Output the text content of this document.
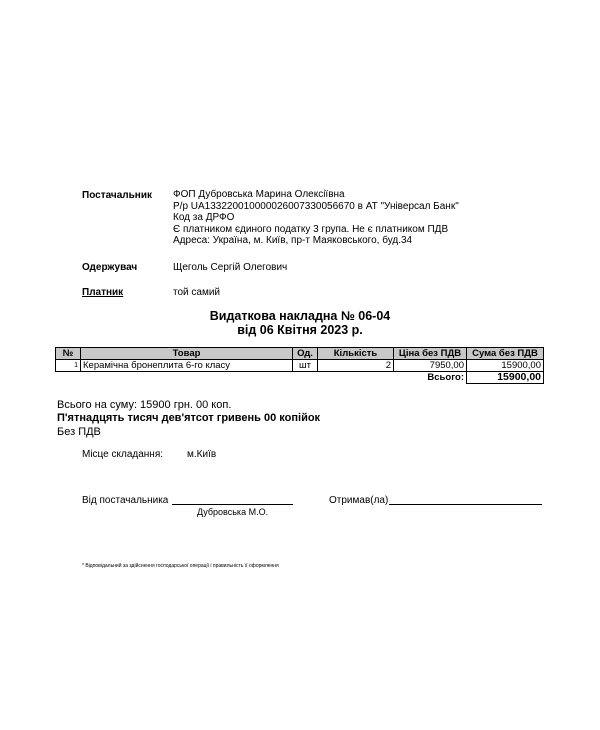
Постачальник ФОП Дубровська Марина Олексіївна
Р/р UA133220010000026007330056670 в АТ "Універсал Банк"
Код за ДРФО
Є платником єдиного податку 3 група. Не є платником ПДВ
Адреса: Україна, м. Київ, пр-т Маяковського, буд.34
Одержувач	Щеголь Сергій Олегович
Платник	той самий
Видаткова накладна № 06-04
від 06 Квітня 2023 р.
№	Товар	Од.	Кількість	Ціна без ПДВ	Сума без ПДВ
1	Керамічна бронеплита 6-го класу	шт	2	7950,00	15900,00
				Всього:	15900,00
Всього на суму: 15900 грн. 00 коп.
П'ятнадцять тисяч дев'ятсот гривень 00 копійок
Без ПДВ
Місце складання: м.Київ
Від постачальника
Дубровська М.О.
Отримав(ла)
* Відповідальний за здійснення господарської операції і правильність її оформлення
